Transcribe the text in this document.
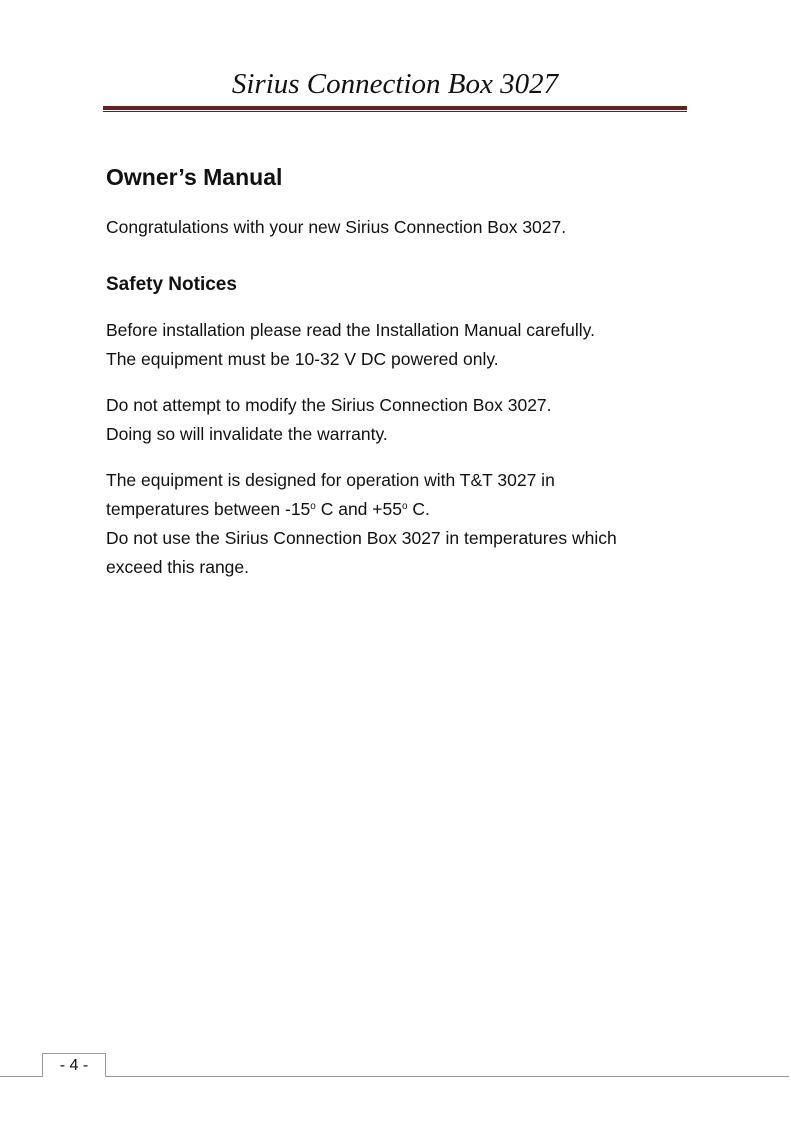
Sirius Connection Box 3027
Owner’s Manual

Congratulations with your new Sirius Connection Box 3027.

Safety Notices

Before installation please read the Installation Manual carefully.
The equipment must be 10-32 V DC powered only.

Do not attempt to modify the Sirius Connection Box 3027.
Doing so will invalidate the warranty.

The equipment is designed for operation with T&T 3027 in
temperatures between -15$^o$ C and $+55^o$ C.
Do not use the Sirius Connection Box 3027 in temperatures which
exceed this range.

- 4 -
